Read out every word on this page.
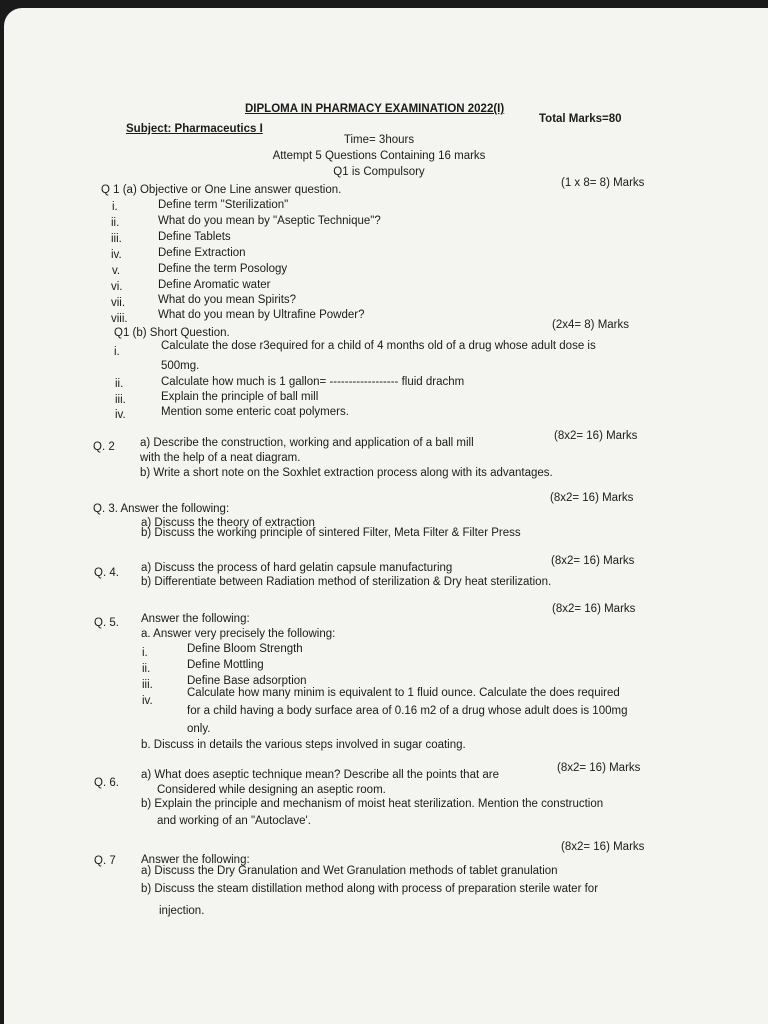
DIPLOMA IN PHARMACY EXAMINATION 2022(I)
Subject: Pharmaceutics I
Total Marks=80
Time= 3hours
Attempt 5 Questions Containing 16 marks
Q1 is Compulsory
Q 1 (a) Objective or One Line answer question.
(1 x 8= 8) Marks
i.	Define term "Sterilization"
ii.	What do you mean by "Aseptic Technique"?
iii.	Define Tablets
iv.	Define Extraction
v.	Define the term Posology
vi.	Define Aromatic water
vii.	What do you mean Spirits?
viii.	What do you mean by Ultrafine Powder?
Q1 (b) Short Question.
(2x4= 8) Marks
i.	Calculate the dose r3equired for a child of 4 months old of a drug whose adult dose is
500mg.
ii.	Calculate how much is 1 gallon= ------------------ fluid drachm
iii.	Explain the principle of ball mill
iv.	Mention some enteric coat polymers.
Q. 2 a) Describe the construction, working and application of a ball mill
(8x2= 16) Marks
with the help of a neat diagram.
b) Write a short note on the Soxhlet extraction process along with its advantages.
Q. 3. Answer the following:
(8x2= 16) Marks
a) Discuss the theory of extraction
b) Discuss the working principle of sintered Filter, Meta Filter & Filter Press
Q. 4. a) Discuss the process of hard gelatin capsule manufacturing
(8x2= 16) Marks
b) Differentiate between Radiation method of sterilization & Dry heat sterilization.
Q. 5. Answer the following:
(8x2= 16) Marks
a. Answer very precisely the following:
i.	Define Bloom Strength
ii.	Define Mottling
iii.	Define Base adsorption
iv.
Calculate how many minim is equivalent to 1 fluid ounce. Calculate the does required
for a child having a body surface area of 0.16 m2 of a drug whose adult does is 100mg
only.
b. Discuss in details the various steps involved in sugar coating.
Q. 6.
a) What does aseptic technique mean? Describe all the points that are
(8x2= 16) Marks
Considered while designing an aseptic room.
b) Explain the principle and mechanism of moist heat sterilization. Mention the construction
and working of an "Autoclave'.
Q. 7 Answer the following:
(8x2= 16) Marks
a) Discuss the Dry Granulation and Wet Granulation methods of tablet granulation
b) Discuss the steam distillation method along with process of preparation sterile water for
injection.
